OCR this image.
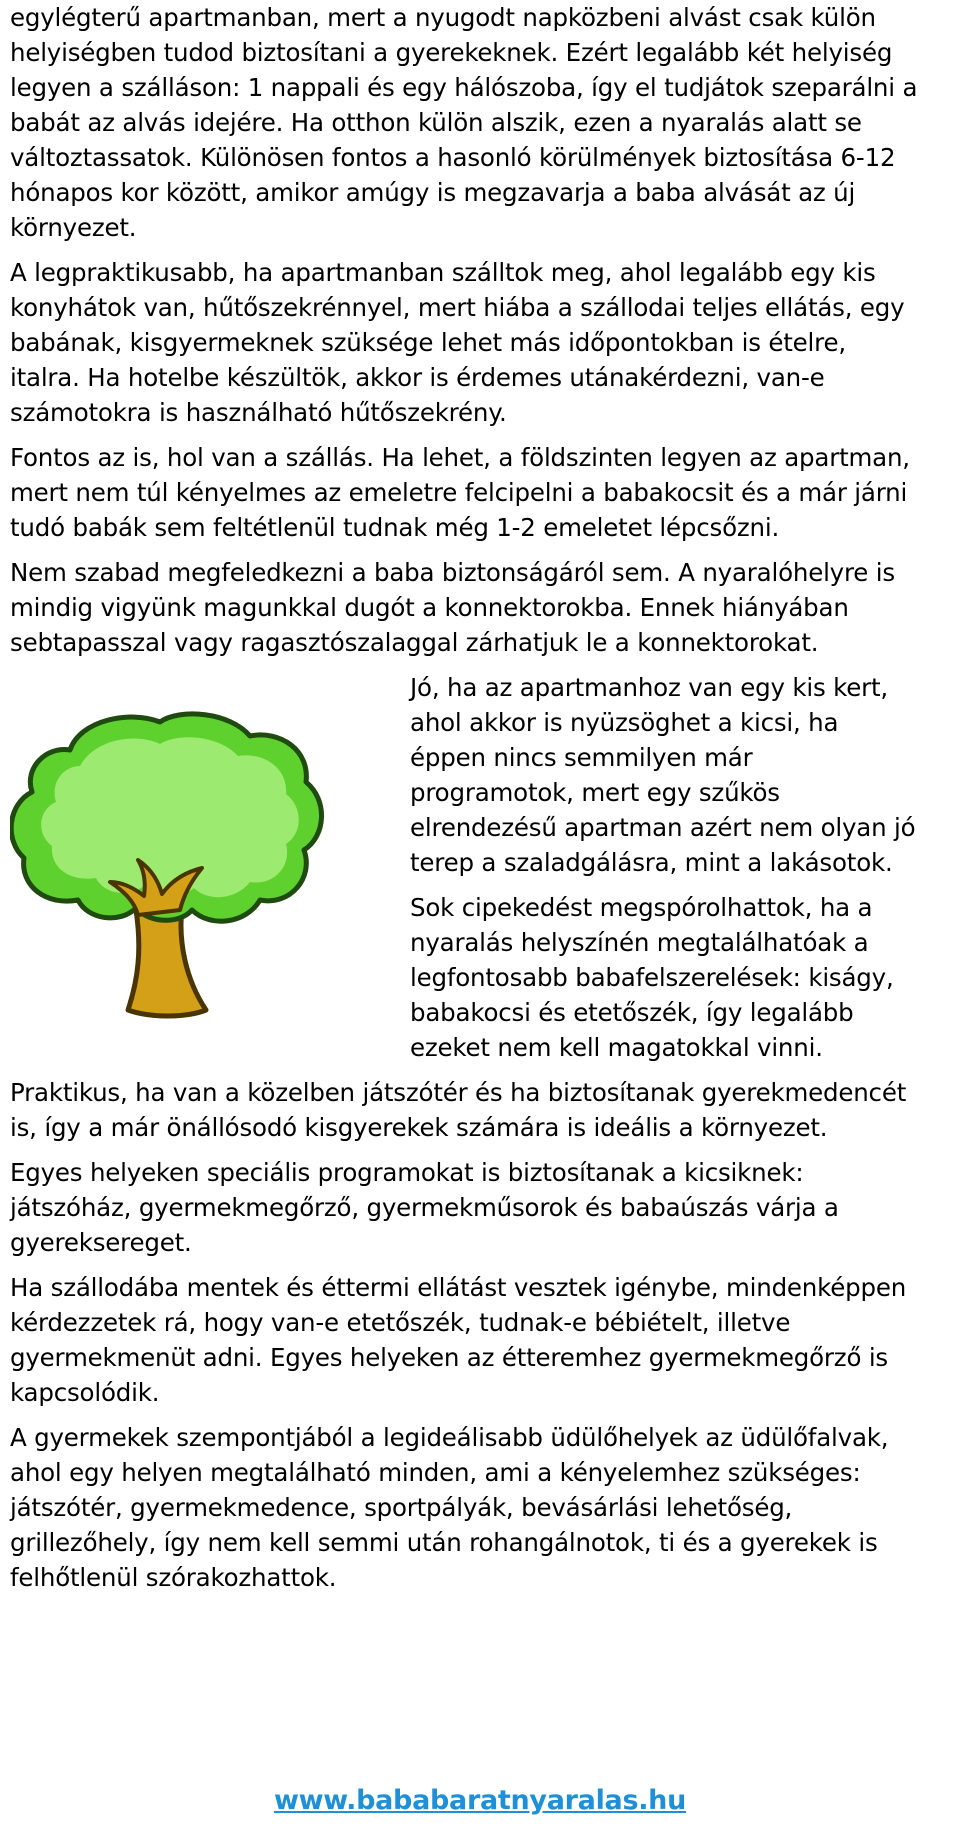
egylégterű apartmanban, mert a nyugodt napközbeni alvást csak külön helyiségben tudod biztosítani a gyerekeknek. Ezért legalább két helyiség legyen a szálláson: 1 nappali és egy hálószoba, így el tudjátok szeparálni a babát az alvás idejére. Ha otthon külön alszik, ezen a nyaralás alatt se változtassatok. Különösen fontos a hasonló körülmények biztosítása 6-12 hónapos kor között, amikor amúgy is megzavarja a baba alvását az új környezet.

A legpraktikusabb, ha apartmanban szálltok meg, ahol legalább egy kis konyhátok van, hűtőszekrénnyel, mert hiába a szállodai teljes ellátás, egy babának, kisgyermeknek szüksége lehet más időpontokban is ételre, italra. Ha hotelbe készültök, akkor is érdemes utánakérdezni, van-e számotokra is használható hűtőszekrény.

Fontos az is, hol van a szállás. Ha lehet, a földszinten legyen az apartman, mert nem túl kényelmes az emeletre felcipelni a babakocsit és a már járni tudó babák sem feltétlenül tudnak még 1-2 emeletet lépcsőzni.

Nem szabad megfeledkezni a baba biztonságáról sem. A nyaralóhelyre is mindig vigyünk magunkkal dugót a konnektorokba. Ennek hiányában sebtapasszal vagy ragasztószalaggal zárhatjuk le a konnektorokat.

Jó, ha az apartmanhoz van egy kis kert, ahol akkor is nyüzsöghet a kicsi, ha éppen nincs semmilyen már programotok, mert egy szűkös elrendezésű apartman azért nem olyan jó terep a szaladgálásra, mint a lakásotok.

Sok cipekedést megspórolhattok, ha a nyaralás helyszínén megtalálhatóak a legfontosabb babafelszerelések: kiságy, babakocsi és etetőszék, így legalább ezeket nem kell magatokkal vinni.

Praktikus, ha van a közelben játszótér és ha biztosítanak gyerekmedencét is, így a már önállósodó kisgyerekek számára is ideális a környezet.

Egyes helyeken speciális programokat is biztosítanak a kicsiknek: játszóház, gyermekmegőrző, gyermekműsorok és babaúszás várja a gyereksereget.

Ha szállodába mentek és éttermi ellátást vesztek igénybe, mindenképpen kérdezzetek rá, hogy van-e etetőszék, tudnak-e bébiételt, illetve gyermekmenüt adni. Egyes helyeken az étteremhez gyermekmegőrző is kapcsolódik.

A gyermekek szempontjából a legideálisabb üdülőhelyek az üdülőfalvak, ahol egy helyen megtalálható minden, ami a kényelemhez szükséges: játszótér, gyermekmedence, sportpályák, bevásárlási lehetőség, grillezőhely, így nem kell semmi után rohangálnotok, ti és a gyerekek is felhőtlenül szórakozhattok.

www.bababaratnyaralas.hu
